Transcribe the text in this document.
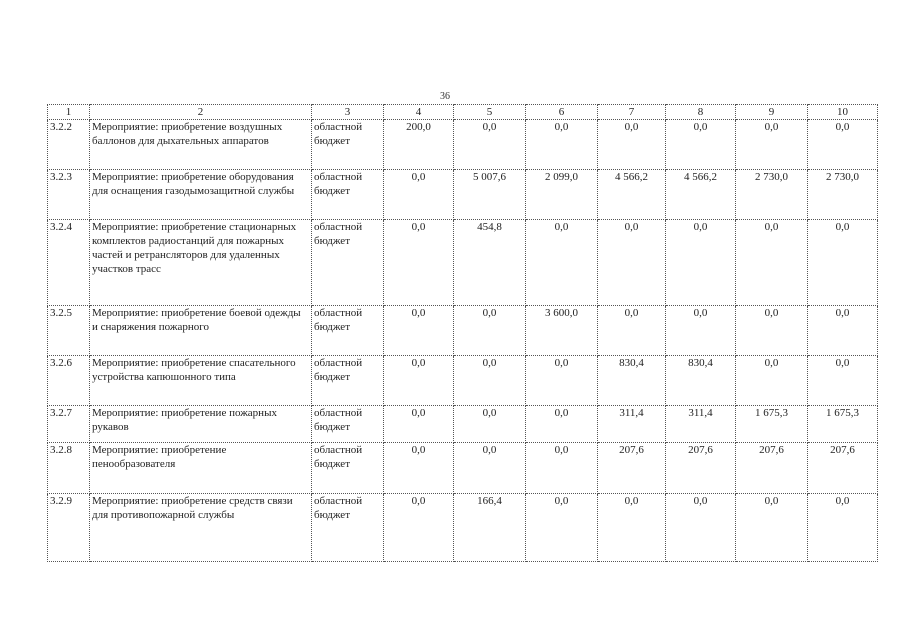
36
1	2	3	4	5	6	7	8	9	10
3.2.2	Мероприятие: приобретение воздушных баллонов для дыхательных аппаратов	областной бюджет	200,0	0,0	0,0	0,0	0,0	0,0	0,0
3.2.3	Мероприятие: приобретение оборудования для оснащения газодымозащитной службы	областной бюджет	0,0	5 007,6	2 099,0	4 566,2	4 566,2	2 730,0	2 730,0
3.2.4	Мероприятие: приобретение стационарных комплектов радиостанций для пожарных частей и ретрансляторов для удаленных участков трасс	областной бюджет	0,0	454,8	0,0	0,0	0,0	0,0	0,0
3.2.5	Мероприятие: приобретение боевой одежды и снаряжения пожарного	областной бюджет	0,0	0,0	3 600,0	0,0	0,0	0,0	0,0
3.2.6	Мероприятие: приобретение спасательного устройства капюшонного типа	областной бюджет	0,0	0,0	0,0	830,4	830,4	0,0	0,0
3.2.7	Мероприятие: приобретение пожарных рукавов	областной бюджет	0,0	0,0	0,0	311,4	311,4	1 675,3	1 675,3
3.2.8	Мероприятие: приобретение пенообразователя	областной бюджет	0,0	0,0	0,0	207,6	207,6	207,6	207,6
3.2.9	Мероприятие: приобретение средств связи для противопожарной службы	областной бюджет	0,0	166,4	0,0	0,0	0,0	0,0	0,0
